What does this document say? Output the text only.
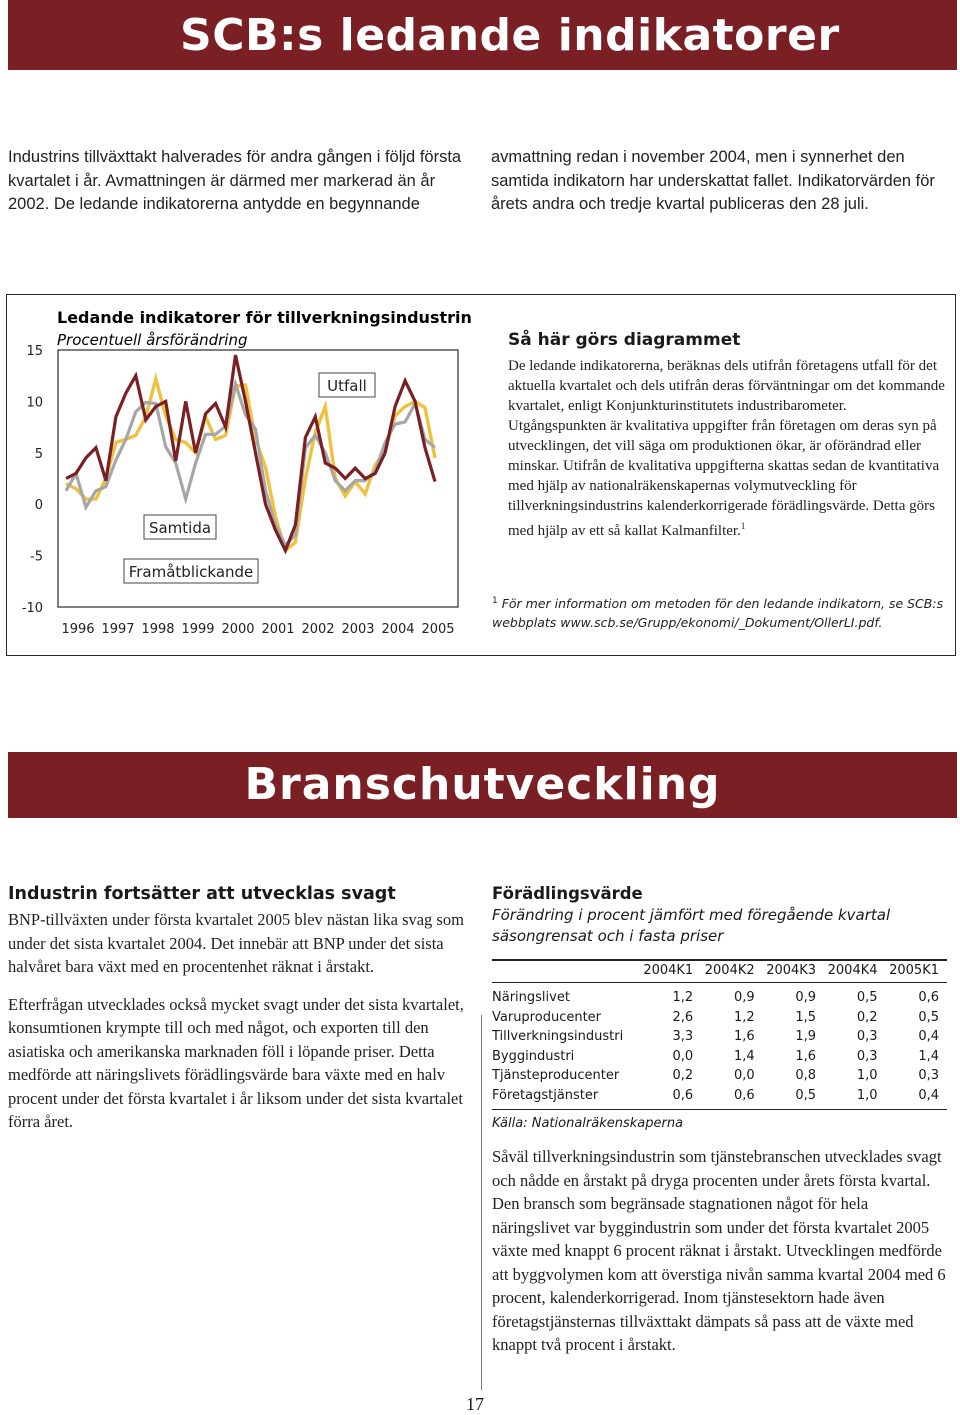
SCB:s ledande indikatorer

Industrins tillväxttakt halverades för andra gången i följd första kvartalet i år. Avmattningen är därmed mer markerad än år 2002. De ledande indikatorerna antydde en begynnande

avmattning redan i november 2004, men i synnerhet den samtida indikatorn har underskattat fallet. Indikatorvärden för årets andra och tredje kvartal publiceras den 28 juli.

Ledande indikatorer för tillverkningsindustrin
Procentuell årsförändring
15
10
5
0
-5
-10
1996 1997 1998 1999 2000 2001 2002 2003 2004 2005
Utfall
Samtida
Framåtblickande
Så här görs diagrammet

De ledande indikatorerna, beräknas dels utifrån företagens utfall för det aktuella kvartalet och dels utifrån deras förväntningar om det kommande kvartalet, enligt Konjunkturinstitutets industribarometer. Utgångspunkten är kvalitativa uppgifter från företagen om deras syn på utvecklingen, det vill säga om produktionen ökar, är oförändrad eller minskar. Utifrån de kvalitativa uppgifterna skattas sedan de kvantitativa med hjälp av nationalräkenskapernas volymutveckling för tillverkningsindustrins kalenderkorrigerade förädlingsvärde. Detta görs med hjälp av ett så kallat Kalmanfilter.$^1$

$^1$ För mer information om metoden för den ledande indikatorn, se SCB:s webbplats www.scb.se/Grupp/ekonomi/_Dokument/OllerLI.pdf.
Branschutveckling
Industrin fortsätter att utvecklas svagt

BNP-tillväxten under första kvartalet 2005 blev nästan lika svag som under det sista kvartalet 2004. Det innebär att BNP under det sista halvåret bara växt med en procentenhet räknat i årstakt.

Efterfrågan utvecklades också mycket svagt under det sista kvartalet, konsumtionen krympte till och med något, och exporten till den asiatiska och amerikanska marknaden föll i löpande priser. Detta medförde att näringslivets förädlingsvärde bara växte med en halv procent under det första kvartalet i år liksom under det sista kvartalet förra året.

Förädlingsvärde

Förändring i procent jämfört med föregående kvartal säsongrensat och i fasta priser

	2004K1	2004K2	2004K3	2004K4	2005K1
Näringslivet	1,2	0,9	0,9	0,5	0,6
Varuproducenter	2,6	1,2	1,5	0,2	0,5
Tillverkningsindustri	3,3	1,6	1,9	0,3	0,4
Byggindustri	0,0	1,4	1,6	0,3	1,4
Tjänsteproducenter	0,2	0,0	0,8	1,0	0,3
Företagstjänster	0,6	0,6	0,5	1,0	0,4

Källa: Nationalräkenskaperna

Såväl tillverkningsindustrin som tjänstebranschen utvecklades svagt och nådde en årstakt på dryga procenten under årets första kvartal. Den bransch som begränsade stagnationen något för hela näringslivet var byggindustrin som under det första kvartalet 2005 växte med knappt 6 procent räknat i årstakt. Utvecklingen medförde att byggvolymen kom att överstiga nivån samma kvartal 2004 med 6 procent, kalenderkorrigerad. Inom tjänstesektorn hade även företagstjänsternas tillväxttakt dämpats så pass att de växte med knappt två procent i årstakt.

17
